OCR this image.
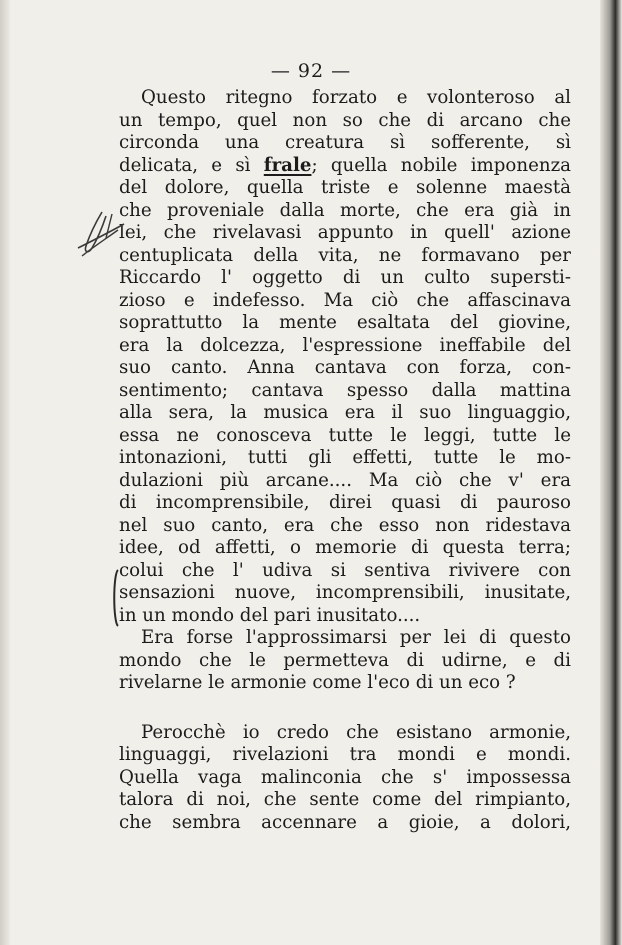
— 92 —
Questo ritegno forzato e volonteroso al
un tempo, quel non so che di arcano che
circonda una creatura sì sofferente, sì
delicata, e sì frale; quella nobile imponenza
del dolore, quella triste e solenne maestà
che proveniale dalla morte, che era già in
lei, che rivelavasi appunto in quell' azione
centuplicata della vita, ne formavano per
Riccardo l' oggetto di un culto supersti-
zioso e indefesso. Ma ciò che affascinava
soprattutto la mente esaltata del giovine,
era la dolcezza, l'espressione ineffabile del
suo canto. Anna cantava con forza, con-
sentimento; cantava spesso dalla mattina
alla sera, la musica era il suo linguaggio,
essa ne conosceva tutte le leggi, tutte le
intonazioni, tutti gli effetti, tutte le mo-
dulazioni più arcane.... Ma ciò che v' era
di incomprensibile, direi quasi di pauroso
nel suo canto, era che esso non ridestava
idee, od affetti, o memorie di questa terra;
colui che l' udiva si sentiva rivivere con
sensazioni nuove, incomprensibili, inusitate,
in un mondo del pari inusitato....
Era forse l'approssimarsi per lei di questo
mondo che le permetteva di udirne, e di
rivelarne le armonie come l'eco di un eco ?
Perocchè io credo che esistano armonie,
linguaggi, rivelazioni tra mondi e mondi.
Quella vaga malinconia che s' impossessa
talora di noi, che sente come del rimpianto,
che sembra accennare a gioie, a dolori,
